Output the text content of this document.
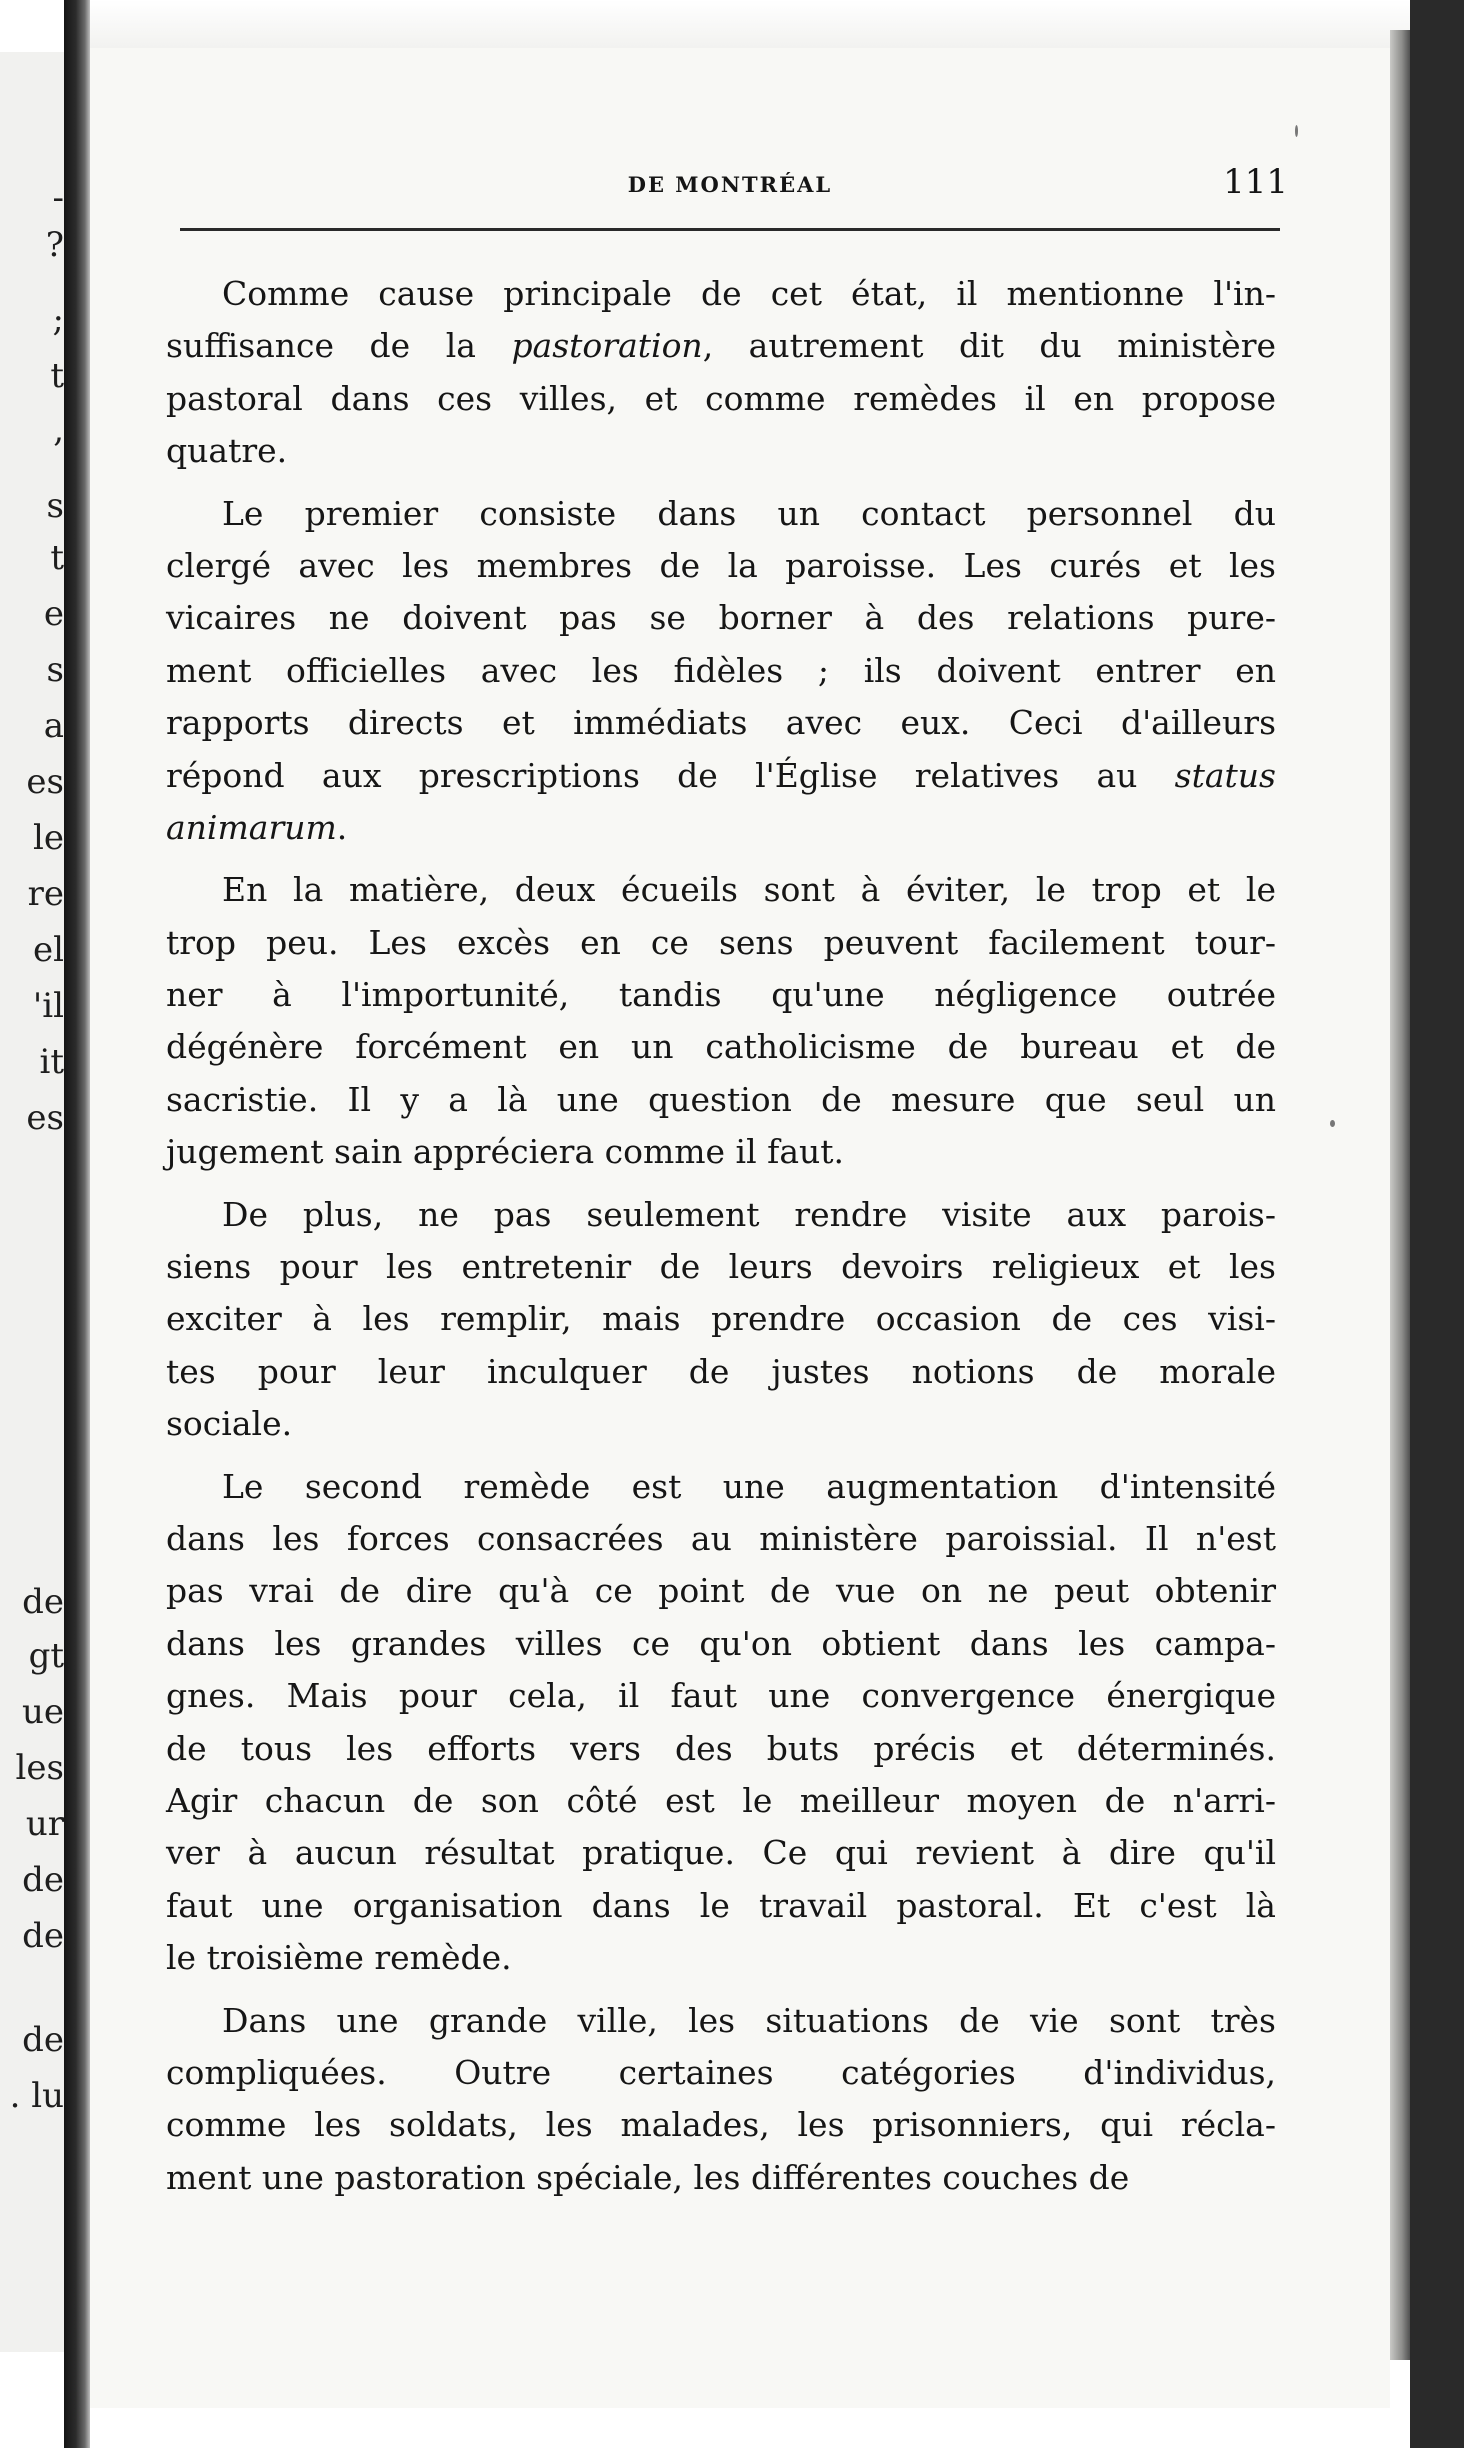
-
?
;
t
,
s
t
e
s
a
es
le
re
el
'il
it
es
de
gt
ue
les
ur
de
de
de
. lu
DE MONTRÉAL	111

Comme cause principale de cet état, il mentionne l'in-
suffisance de la pastoration, autrement dit du ministère
pastoral dans ces villes, et comme remèdes il en propose
quatre.

Le premier consiste dans un contact personnel du
clergé avec les membres de la paroisse. Les curés et les
vicaires ne doivent pas se borner à des relations pure-
ment officielles avec les fidèles ; ils doivent entrer en
rapports directs et immédiats avec eux. Ceci d'ailleurs
répond aux prescriptions de l'Église relatives au status
animarum.

En la matière, deux écueils sont à éviter, le trop et le
trop peu. Les excès en ce sens peuvent facilement tour-
ner à l'importunité, tandis qu'une négligence outrée
dégénère forcément en un catholicisme de bureau et de
sacristie. Il y a là une question de mesure que seul un
jugement sain appréciera comme il faut.

De plus, ne pas seulement rendre visite aux parois-
siens pour les entretenir de leurs devoirs religieux et les
exciter à les remplir, mais prendre occasion de ces visi-
tes pour leur inculquer de justes notions de morale
sociale.

Le second remède est une augmentation d'intensité
dans les forces consacrées au ministère paroissial. Il n'est
pas vrai de dire qu'à ce point de vue on ne peut obtenir
dans les grandes villes ce qu'on obtient dans les campa-
gnes. Mais pour cela, il faut une convergence énergique
de tous les efforts vers des buts précis et déterminés.
Agir chacun de son côté est le meilleur moyen de n'arri-
ver à aucun résultat pratique. Ce qui revient à dire qu'il
faut une organisation dans le travail pastoral. Et c'est là
le troisième remède.

Dans une grande ville, les situations de vie sont très
compliquées. Outre certaines catégories d'individus,
comme les soldats, les malades, les prisonniers, qui récla-
ment une pastoration spéciale, les différentes couches de
